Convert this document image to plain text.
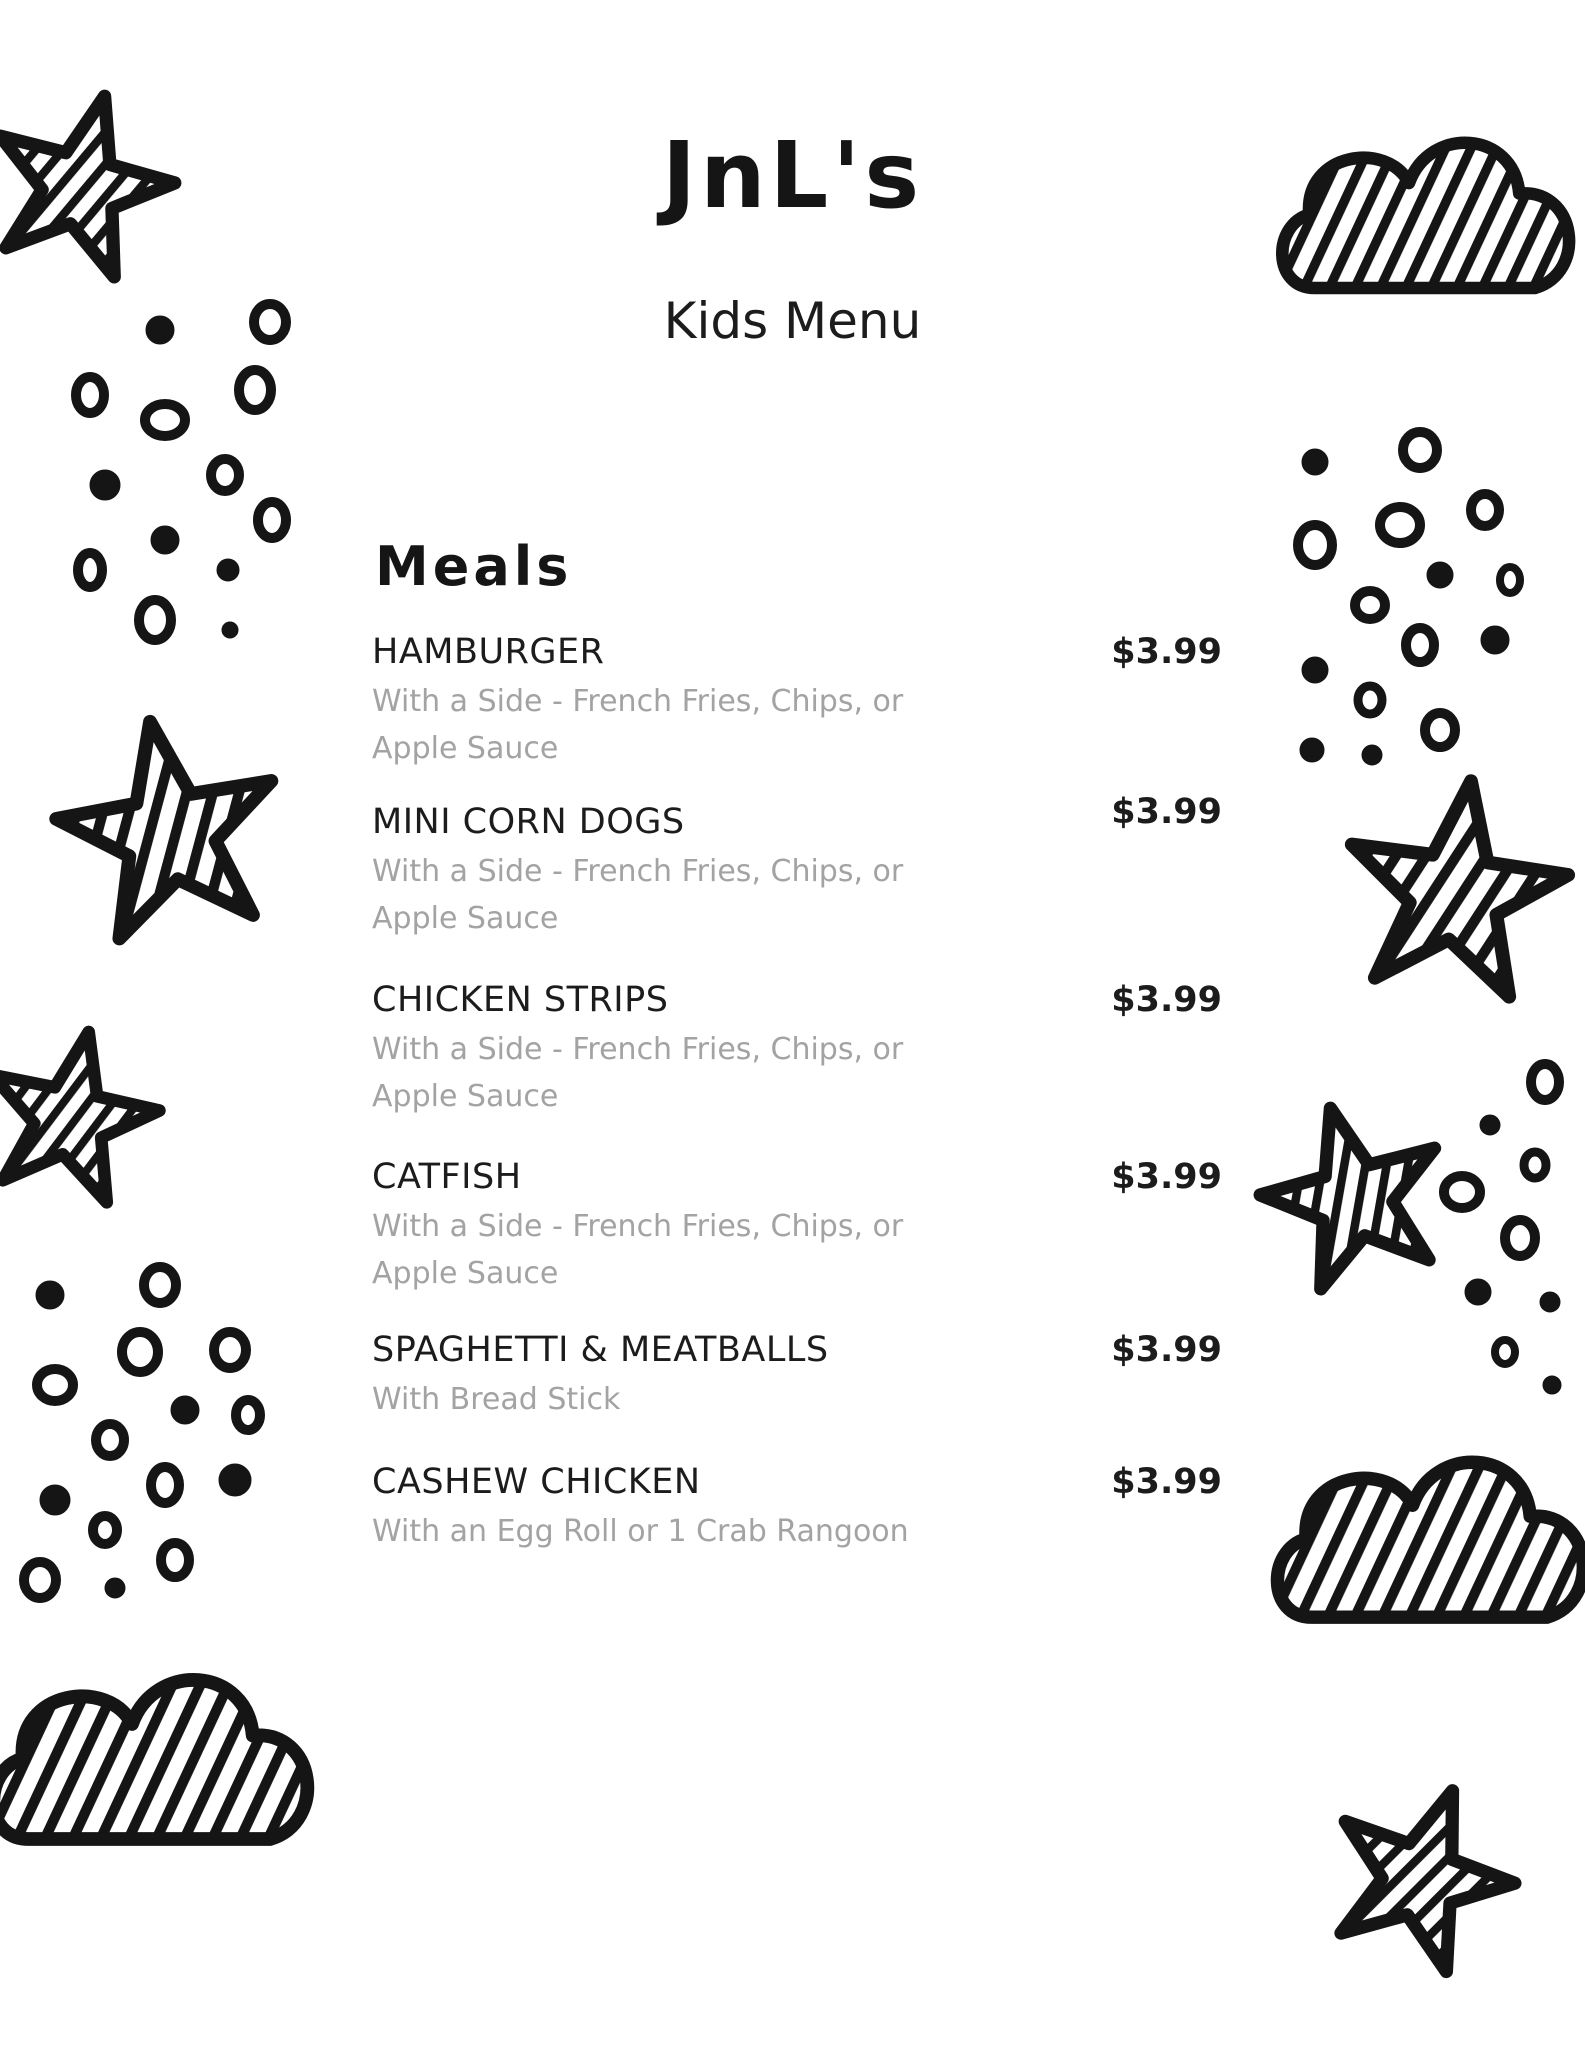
JnL's
Kids Menu
Meals
HAMBURGER	$3.99
With a Side - French Fries, Chips, or Apple Sauce
MINI CORN DOGS	$3.99
With a Side - French Fries, Chips, or Apple Sauce
CHICKEN STRIPS	$3.99
With a Side - French Fries, Chips, or Apple Sauce
CATFISH	$3.99
With a Side - French Fries, Chips, or Apple Sauce
SPAGHETTI & MEATBALLS	$3.99
With Bread Stick
CASHEW CHICKEN	$3.99
With an Egg Roll or 1 Crab Rangoon
